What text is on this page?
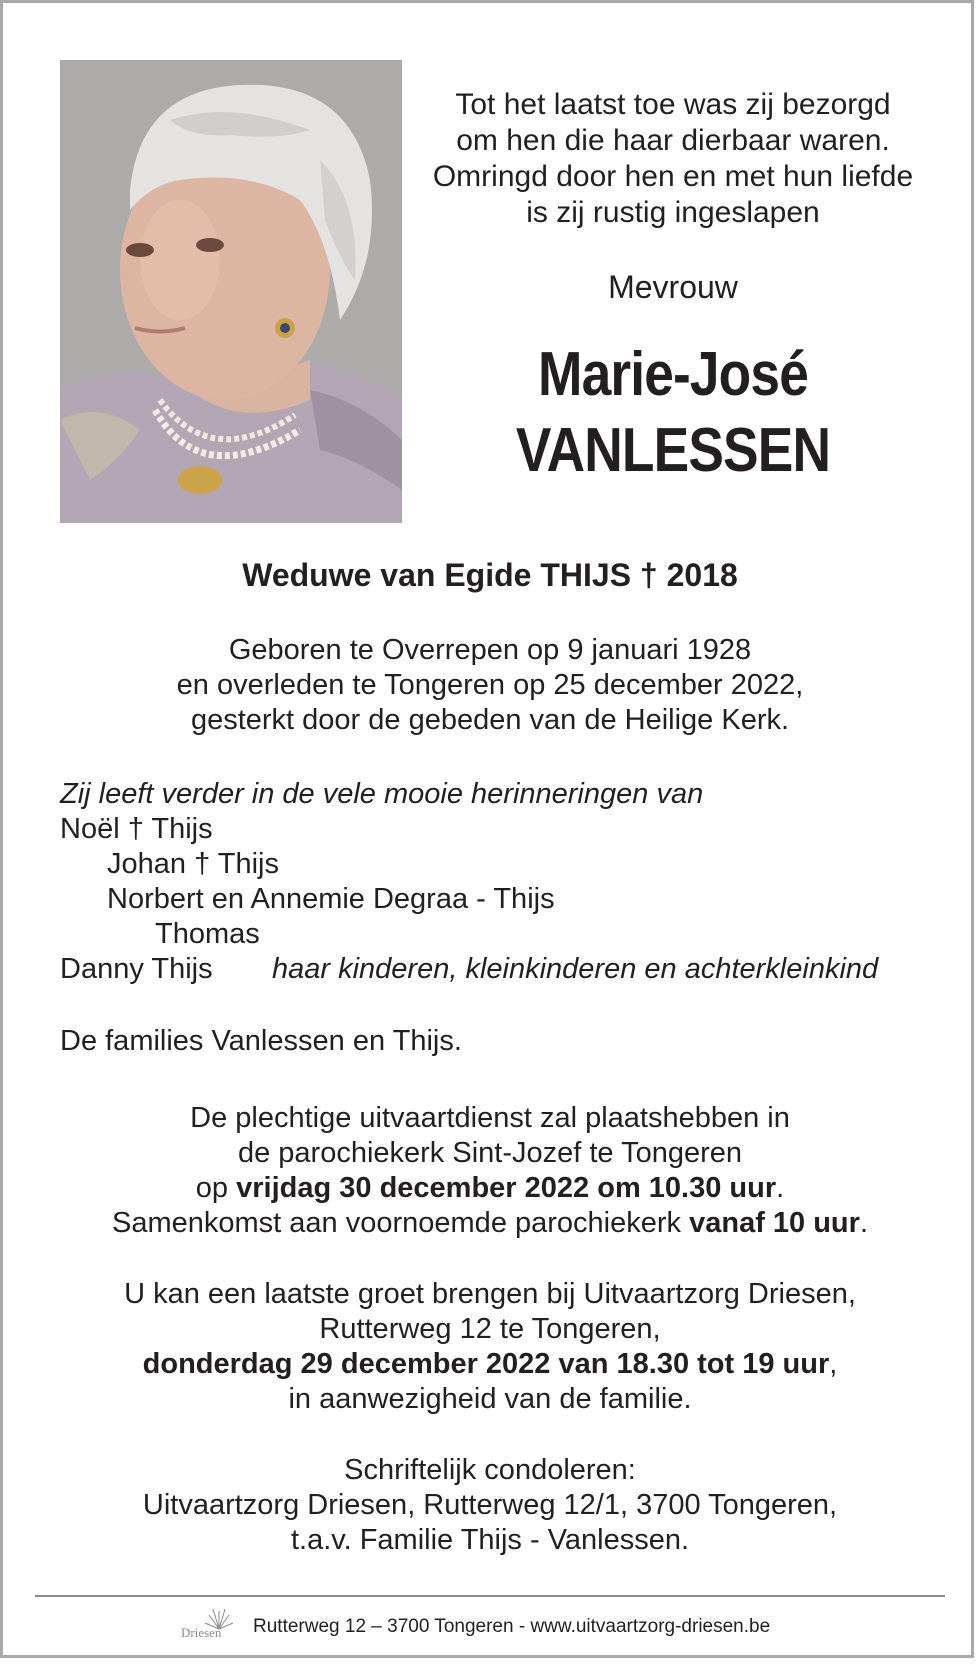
Tot het laatst toe was zij bezorgd
om hen die haar dierbaar waren.
Omringd door hen en met hun liefde
is zij rustig ingeslapen
Mevrouw
Marie-José
VANLESSEN
Weduwe van Egide THIJS † 2018
Geboren te Overrepen op 9 januari 1928
en overleden te Tongeren op 25 december 2022,
gesterkt door de gebeden van de Heilige Kerk.
Zij leeft verder in de vele mooie herinneringen van
Noël † Thijs
Johan † Thijs
Norbert en Annemie Degraa - Thijs
Thomas
Danny Thijs haar kinderen, kleinkinderen en achterkleinkind
De families Vanlessen en Thijs.
De plechtige uitvaartdienst zal plaatshebben in
de parochiekerk Sint-Jozef te Tongeren
op vrijdag 30 december 2022 om 10.30 uur.
Samenkomst aan voornoemde parochiekerk vanaf 10 uur.
U kan een laatste groet brengen bij Uitvaartzorg Driesen,
Rutterweg 12 te Tongeren,
donderdag 29 december 2022 van 18.30 tot 19 uur,
in aanwezigheid van de familie.
Schriftelijk condoleren:
Uitvaartzorg Driesen, Rutterweg 12/1, 3700 Tongeren,
t.a.v. Familie Thijs - Vanlessen.
Driesen Rutterweg 12 – 3700 Tongeren - www.uitvaartzorg-driesen.be
